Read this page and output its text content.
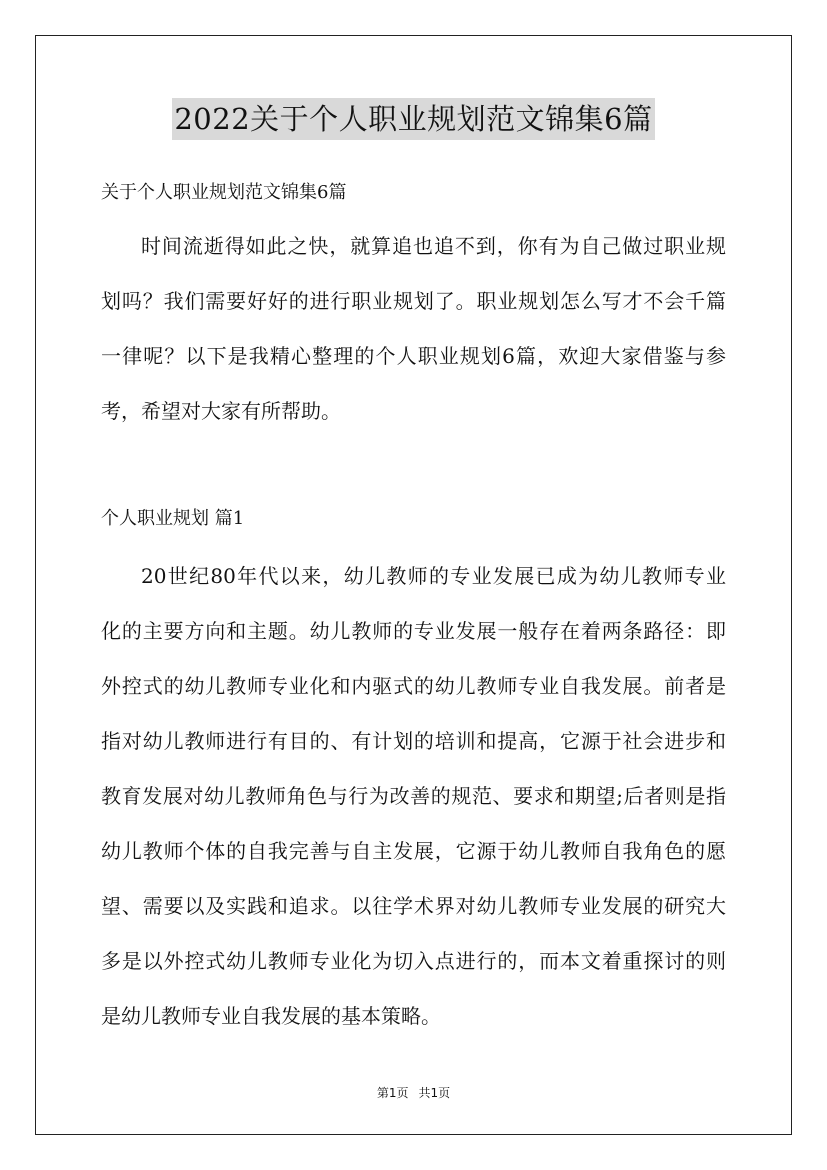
2022关于个人职业规划范文锦集6篇
关于个人职业规划范文锦集6篇
时间流逝得如此之快，就算追也追不到，你有为自己做过职业规
划吗？我们需要好好的进行职业规划了。职业规划怎么写才不会千篇
一律呢？以下是我精心整理的个人职业规划6篇，欢迎大家借鉴与参
考，希望对大家有所帮助。
个人职业规划 篇1
20世纪80年代以来，幼儿教师的专业发展已成为幼儿教师专业
化的主要方向和主题。幼儿教师的专业发展一般存在着两条路径：即
外控式的幼儿教师专业化和内驱式的幼儿教师专业自我发展。前者是
指对幼儿教师进行有目的、有计划的培训和提高，它源于社会进步和
教育发展对幼儿教师角色与行为改善的规范、要求和期望;后者则是指
幼儿教师个体的自我完善与自主发展，它源于幼儿教师自我角色的愿
望、需要以及实践和追求。以往学术界对幼儿教师专业发展的研究大
多是以外控式幼儿教师专业化为切入点进行的，而本文着重探讨的则
是幼儿教师专业自我发展的基本策略。
第1页 共1页
